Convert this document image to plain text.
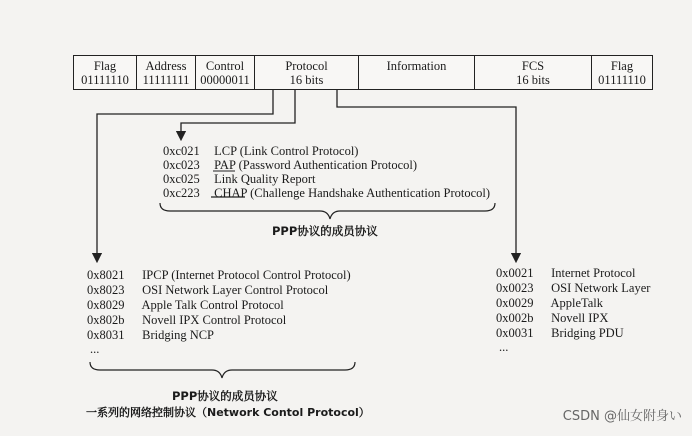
Flag
01111110
Address
11111111
Control
00000011
Protocol
16 bits
Information	FCS
16 bits
Flag
01111110
0xc021 LCP (Link Control Protocol)
0xc023 PAP (Password Authentication Protocol)
0xc025 Link Quality Report
0xc223 CHAP (Challenge Handshake Authentication Protocol)
PPP协议的成员协议
0x8021 IPCP (Internet Protocol Control Protocol)
0x8023 OSI Network Layer Control Protocol
0x8029 Apple Talk Control Protocol
0x802b Novell IPX Control Protocol
0x8031 Bridging NCP
...
PPP协议的成员协议
一系列的网络控制协议（Network Contol Protocol）
0x0021 Internet Protocol
0x0023 OSI Network Layer
0x0029 AppleTalk
0x002b Novell IPX
0x0031 Bridging PDU
...
CSDN @仙女附身い
